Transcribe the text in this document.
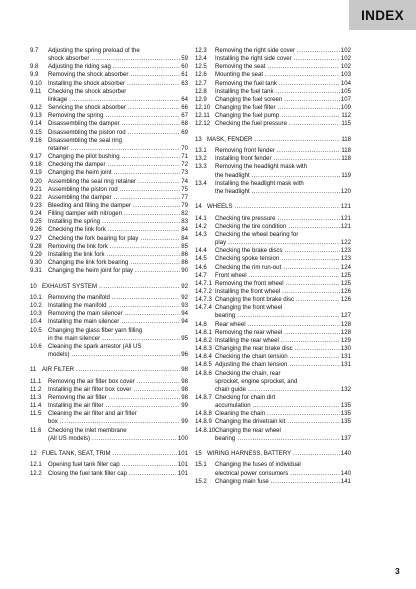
INDEX
9.7	Adjusting the spring preload of the
shock absorber .....	59
9.8	Adjusting the riding sag .....	60
9.9	Removing the shock absorber .....	61
9.10	Installing the shock absorber .....	63
9.11	Checking the shock absorber
linkage .....	64
9.12	Servicing the shock absorber .....	66
9.13	Removing the spring .....	67
9.14	Disassembling the damper .....	68
9.15	Disassembling the piston rod .....	69
9.16	Disassembling the seal ring
retainer .....	70
9.17	Changing the pilot bushing .....	71
9.18	Checking the damper .....	72
9.19	Changing the heim joint .....	73
9.20	Assembling the seal ring retainer .....	74
9.21	Assembling the piston rod .....	75
9.22	Assembling the damper .....	77
9.23	Bleeding and filling the damper .....	79
9.24	Filling damper with nitrogen .....	82
9.25	Installing the spring .....	83
9.26	Checking the link fork .....	84
9.27	Checking the fork bearing for play .....	84
9.28	Removing the link fork .....	85
9.29	Installing the link fork .....	86
9.30	Changing the link fork bearing .....	86
9.31	Changing the heim joint for play .....	90
10 EXHAUST SYSTEM .....	92
10.1	Removing the manifold .....	92
10.2	Installing the manifold .....	93
10.3	Removing the main silencer .....	94
10.4	Installing the main silencer .....	94
10.5	Changing the glass fiber yarn filling
in the main silencer .....	95
10.6	Cleaning the spark arrestor (All US
models) .....	96
11 AIR FILTER .....	98
11.1	Removing the air filter box cover .....	98
11.2	Installing the air filter box cover .....	98
11.3	Removing the air filter .....	98
11.4	Installing the air filter .....	99
11.5	Cleaning the air filter and air filter
box .....	99
11.6	Checking the inlet membrane
(All US models) .....	100
12 FUEL TANK, SEAT, TRIM .....	101
12.1	Opening fuel tank filler cap .....	101
12.2	Closing the fuel tank filler cap .....	101
12.3	Removing the right side cover .....	102
12.4	Installing the right side cover .....	102
12.5	Removing the seat .....	102
12.6	Mounting the seat .....	103
12.7	Removing the fuel tank .....	104
12.8	Installing the fuel tank .....	105
12.9	Changing the fuel screen .....	107
12.10 Changing the fuel filter .....	109
12.11 Changing the fuel pump .....	112
12.12 Checking the fuel pressure .....	115
13 MASK, FENDER .....	118
13.1	Removing front fender .....	118
13.2	Installing front fender .....	118
13.3	Removing the headlight mask with
the headlight .....	119
13.4	Installing the headlight mask with
the headlight .....	120
14 WHEELS .....	121
14.1	Checking tire pressure .....	121
14.2	Checking the tire condition .....	121
14.3	Checking the wheel bearing for
play .....	122
14.4	Checking the brake discs .....	123
14.5	Checking spoke tension .....	123
14.6	Checking the rim run-out .....	124
14.7	Front wheel .....	125
14.7.1 Removing the front wheel .....	125
14.7.2 Installing the front wheel .....	126
14.7.3 Changing the front brake disc .....	126
14.7.4 Changing the front wheel
bearing .....	127
14.8	Rear wheel .....	128
14.8.1 Removing the rear wheel .....	128
14.8.2 Installing the rear wheel .....	129
14.8.3 Changing the rear brake disc .....	130
14.8.4 Checking the chain tension .....	131
14.8.5 Adjusting the chain tension .....	131
14.8.6 Checking the chain, rear
sprocket, engine sprocket, and
chain guide .....	132
14.8.7 Checking for chain dirt
accumulation .....	135
14.8.8 Cleaning the chain .....	135
14.8.9 Changing the drivetrain kit .....	135
14.8.10 Changing the rear wheel
bearing .....	137
15 WIRING HARNESS, BATTERY .....	140
15.1	Changing the fuses of individual
electrical power consumers .....	140
15.2	Changing main fuse .....	141
3
